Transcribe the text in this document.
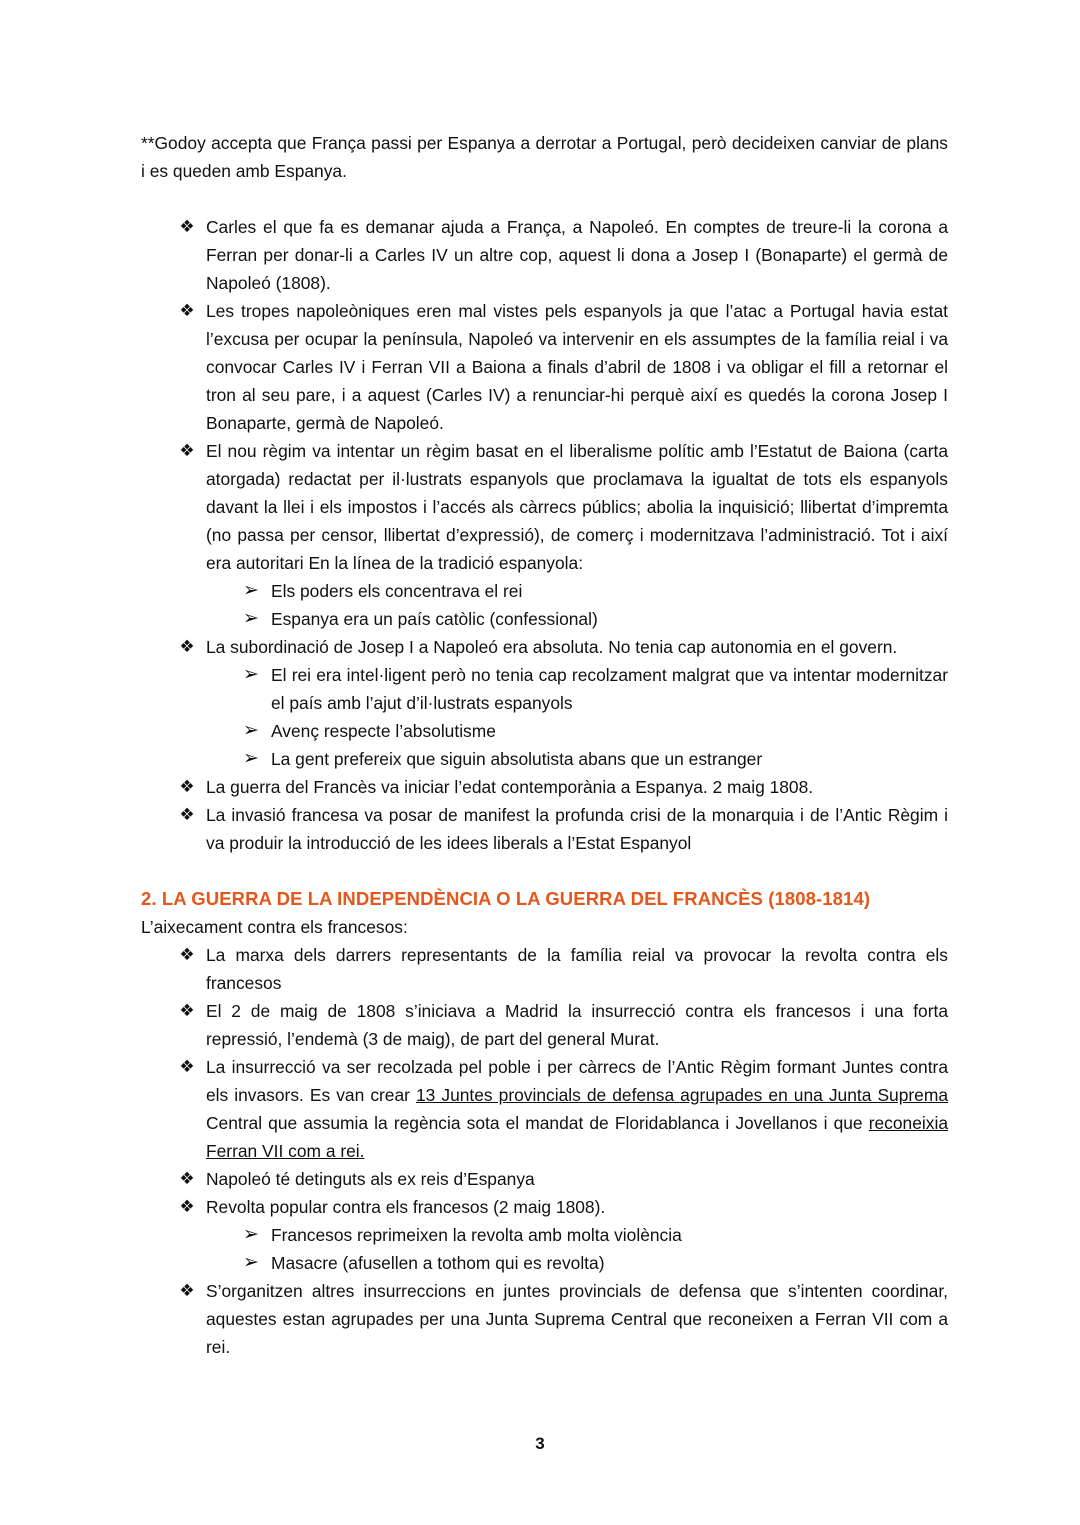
**Godoy accepta que França passi per Espanya a derrotar a Portugal, però decideixen canviar de plans i es queden amb Espanya.

❖ Carles el que fa es demanar ajuda a França, a Napoleó. En comptes de treure-li la corona a Ferran per donar-li a Carles IV un altre cop, aquest li dona a Josep I (Bonaparte) el germà de Napoleó (1808).
❖ Les tropes napoleòniques eren mal vistes pels espanyols ja que l’atac a Portugal havia estat l’excusa per ocupar la península, Napoleó va intervenir en els assumptes de la família reial i va convocar Carles IV i Ferran VII a Baiona a finals d’abril de 1808 i va obligar el fill a retornar el tron al seu pare, i a aquest (Carles IV) a renunciar-hi perquè així es quedés la corona Josep I Bonaparte, germà de Napoleó.
❖ El nou règim va intentar un règim basat en el liberalisme polític amb l’Estatut de Baiona (carta atorgada) redactat per il·lustrats espanyols que proclamava la igualtat de tots els espanyols davant la llei i els impostos i l’accés als càrrecs públics; abolia la inquisició; llibertat d’impremta (no passa per censor, llibertat d’expressió), de comerç i modernitzava l’administració. Tot i així era autoritari En la línea de la tradició espanyola:
➢ Els poders els concentrava el rei
➢ Espanya era un país catòlic (confessional)
❖ La subordinació de Josep I a Napoleó era absoluta. No tenia cap autonomia en el govern.
➢ El rei era intel·ligent però no tenia cap recolzament malgrat que va intentar modernitzar el país amb l’ajut d’il·lustrats espanyols
➢ Avenç respecte l’absolutisme
➢ La gent prefereix que siguin absolutista abans que un estranger
❖ La guerra del Francès va iniciar l’edat contemporània a Espanya. 2 maig 1808.
❖ La invasió francesa va posar de manifest la profunda crisi de la monarquia i de l’Antic Règim i va produir la introducció de les idees liberals a l’Estat Espanyol

2. LA GUERRA DE LA INDEPENDÈNCIA O LA GUERRA DEL FRANCÈS (1808-1814)

L’aixecament contra els francesos:

❖ La marxa dels darrers representants de la família reial va provocar la revolta contra els francesos
❖ El 2 de maig de 1808 s’iniciava a Madrid la insurrecció contra els francesos i una forta repressió, l’endemà (3 de maig), de part del general Murat.
❖ La insurrecció va ser recolzada pel poble i per càrrecs de l’Antic Règim formant Juntes contra els invasors. Es van crear 13 Juntes provincials de defensa agrupades en una Junta Suprema Central que assumia la regència sota el mandat de Floridablanca i Jovellanos i que reconeixia Ferran VII com a rei.
❖ Napoleó té detinguts als ex reis d’Espanya
❖ Revolta popular contra els francesos (2 maig 1808).
➢ Francesos reprimeixen la revolta amb molta violència
➢ Masacre (afusellen a tothom qui es revolta)
❖ S’organitzen altres insurreccions en juntes provincials de defensa que s’intenten coordinar, aquestes estan agrupades per una Junta Suprema Central que reconeixen a Ferran VII com a rei.
3
